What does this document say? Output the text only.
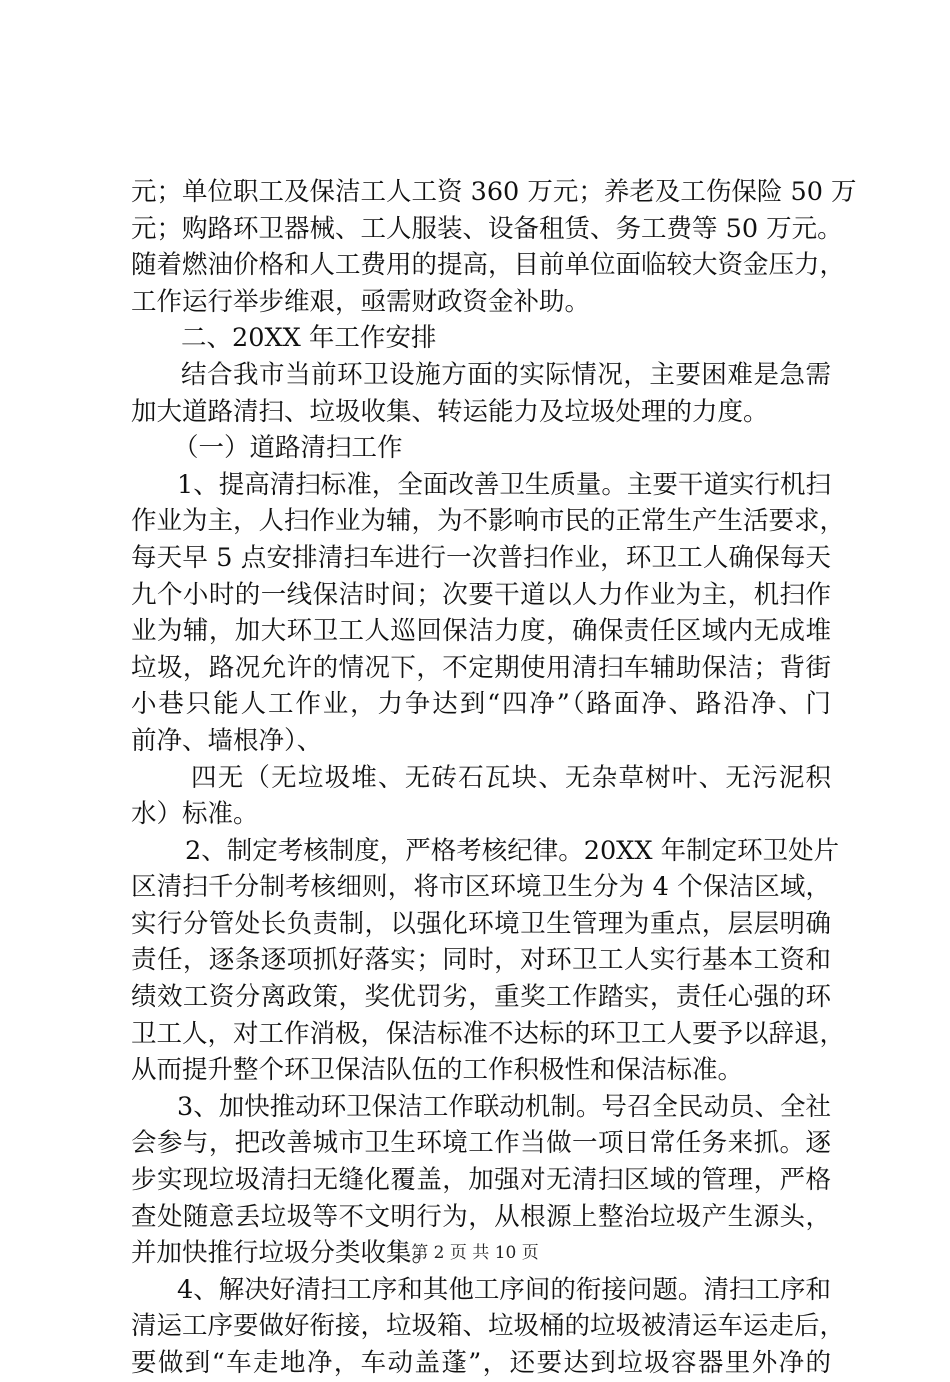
元；单位职工及保洁工人工资 360 万元；养老及工伤保险 50 万
元；购路环卫器械、工人服装、设备租赁、务工费等 50 万元。
随着燃油价格和人工费用的提高，目前单位面临较大资金压力，
工作运行举步维艰，亟需财政资金补助。
二、20XX 年工作安排
结合我市当前环卫设施方面的实际情况，主要困难是急需
加大道路清扫、垃圾收集、转运能力及垃圾处理的力度。
（一）道路清扫工作
1、提高清扫标准，全面改善卫生质量。主要干道实行机扫
作业为主，人扫作业为辅，为不影响市民的正常生产生活要求，
每天早 5 点安排清扫车进行一次普扫作业，环卫工人确保每天
九个小时的一线保洁时间；次要干道以人力作业为主，机扫作
业为辅，加大环卫工人巡回保洁力度，确保责任区域内无成堆
垃圾，路况允许的情况下，不定期使用清扫车辅助保洁；背街
小巷只能人工作业，力争达到“四净”（路面净、路沿净、门
前净、墙根净）、
四无（无垃圾堆、无砖石瓦块、无杂草树叶、无污泥积
水）标准。
2、制定考核制度，严格考核纪律。20XX 年制定环卫处片
区清扫千分制考核细则，将市区环境卫生分为 4 个保洁区域，
实行分管处长负责制，以强化环境卫生管理为重点，层层明确
责任，逐条逐项抓好落实；同时，对环卫工人实行基本工资和
绩效工资分离政策，奖优罚劣，重奖工作踏实，责任心强的环
卫工人，对工作消极，保洁标准不达标的环卫工人要予以辞退，
从而提升整个环卫保洁队伍的工作积极性和保洁标准。
3、加快推动环卫保洁工作联动机制。号召全民动员、全社
会参与，把改善城市卫生环境工作当做一项日常任务来抓。逐
步实现垃圾清扫无缝化覆盖，加强对无清扫区域的管理，严格
查处随意丢垃圾等不文明行为，从根源上整治垃圾产生源头，
并加快推行垃圾分类收集。
4、解决好清扫工序和其他工序间的衔接问题。清扫工序和
清运工序要做好衔接，垃圾箱、垃圾桶的垃圾被清运车运走后，
要做到“车走地净，车动盖蓬”，还要达到垃圾容器里外净的
第 2 页 共 10 页
